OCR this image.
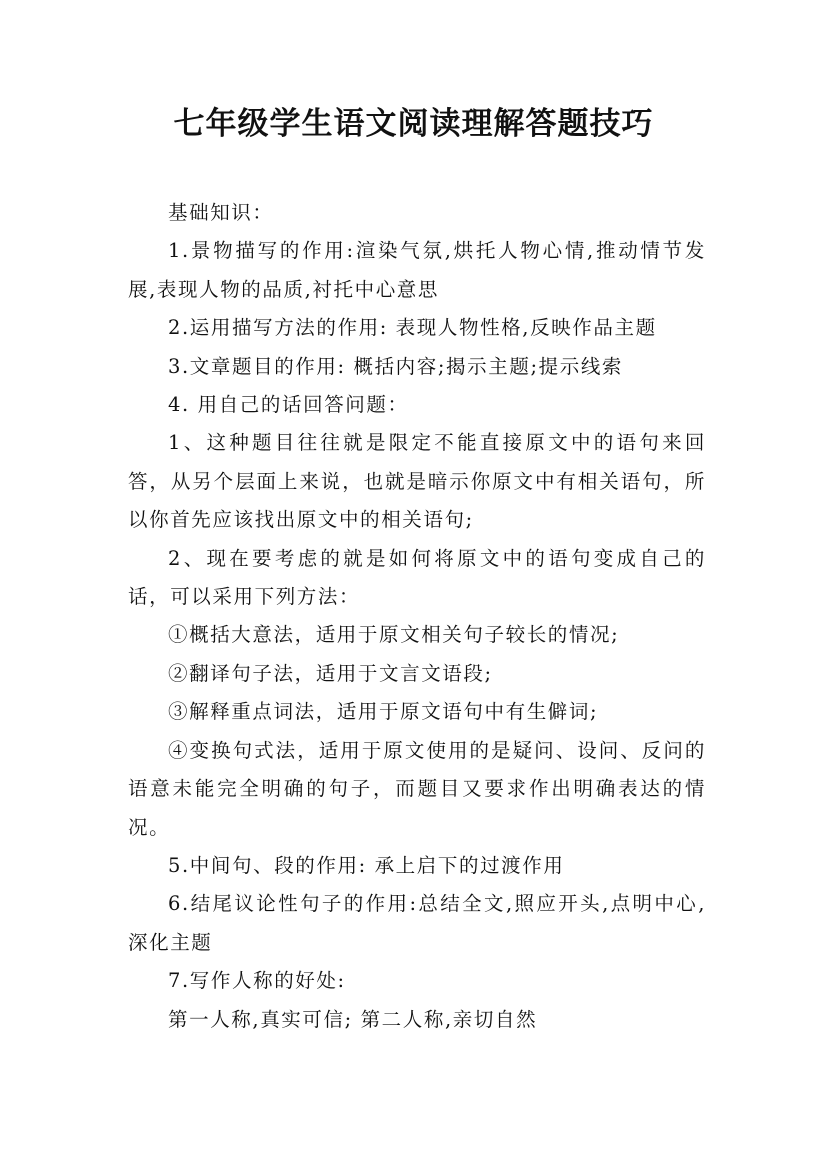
七年级学生语文阅读理解答题技巧

基础知识：

1.景物描写的作用:渲染气氛,烘托人物心情,推动情节发展,表现人物的品质,衬托中心意思

2.运用描写方法的作用: 表现人物性格,反映作品主题

3.文章题目的作用: 概括内容;揭示主题;提示线索

4. 用自己的话回答问题：

1、这种题目往往就是限定不能直接原文中的语句来回答，从另个层面上来说，也就是暗示你原文中有相关语句，所以你首先应该找出原文中的相关语句;

2、现在要考虑的就是如何将原文中的语句变成自己的话，可以采用下列方法：

①概括大意法，适用于原文相关句子较长的情况;

②翻译句子法，适用于文言文语段;

③解释重点词法，适用于原文语句中有生僻词;

④变换句式法，适用于原文使用的是疑问、设问、反问的语意未能完全明确的句子，而题目又要求作出明确表达的情况。

5.中间句、段的作用: 承上启下的过渡作用

6.结尾议论性句子的作用:总结全文,照应开头,点明中心,深化主题

7.写作人称的好处:

第一人称,真实可信; 第二人称,亲切自然
